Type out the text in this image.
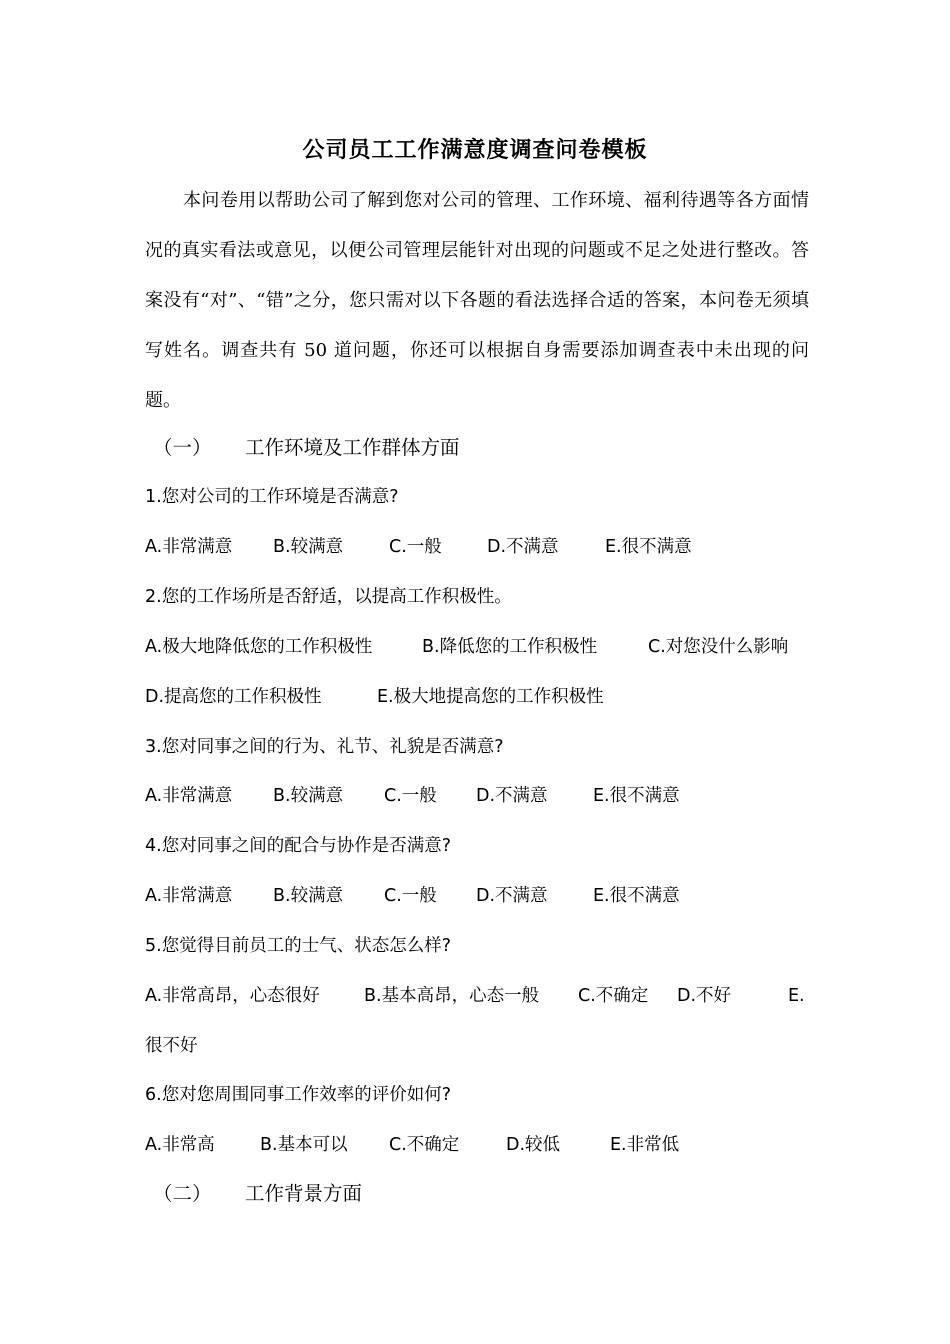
公司员工工作满意度调查问卷模板
本问卷用以帮助公司了解到您对公司的管理、工作环境、福利待遇等各方面情况的真实看法或意见，以便公司管理层能针对出现的问题或不足之处进行整改。答案没有“对”、“错”之分，您只需对以下各题的看法选择合适的答案，本问卷无须填写姓名。调查共有 50 道问题，你还可以根据自身需要添加调查表中未出现的问题。
（一） 工作环境及工作群体方面
1.您对公司的工作环境是否满意?
A.非常满意 B.较满意	C.一般	D.不满意	E.很不满意
2.您的工作场所是否舒适，以提高工作积极性。
A.极大地降低您的工作积极性	B.降低您的工作积极性	C.对您没什么影响
D.提高您的工作积极性	E.极大地提高您的工作积极性
3.您对同事之间的行为、礼节、礼貌是否满意?
A.非常满意 B.较满意 C.一般 D.不满意	E.很不满意
4.您对同事之间的配合与协作是否满意?
A.非常满意 B.较满意 C.一般 D.不满意	E.很不满意
5.您觉得目前员工的士气、状态怎么样?
A.非常高昂，心态很好	B.基本高昂，心态一般 C.不确定 D.不好	E.
很不好
6.您对您周围同事工作效率的评价如何?
A.非常高	B.基本可以 C.不确定	D.较低	E.非常低
（二） 工作背景方面
